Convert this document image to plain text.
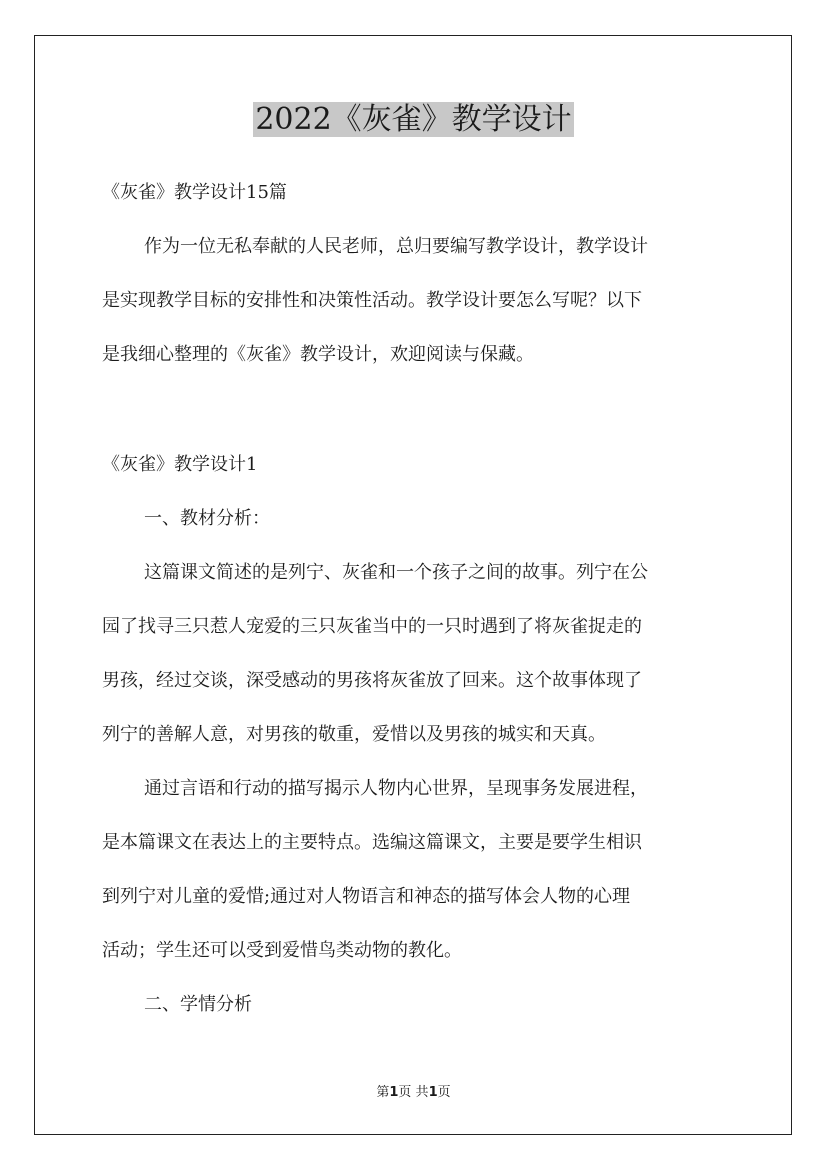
2022《灰雀》教学设计

《灰雀》教学设计15篇

作为一位无私奉献的人民老师，总归要编写教学设计，教学设计

是实现教学目标的安排性和决策性活动。教学设计要怎么写呢？以下

是我细心整理的《灰雀》教学设计，欢迎阅读与保藏。

《灰雀》教学设计1

一、教材分析：

这篇课文简述的是列宁、灰雀和一个孩子之间的故事。列宁在公

园了找寻三只惹人宠爱的三只灰雀当中的一只时遇到了将灰雀捉走的

男孩，经过交谈，深受感动的男孩将灰雀放了回来。这个故事体现了

列宁的善解人意，对男孩的敬重，爱惜以及男孩的城实和天真。

通过言语和行动的描写揭示人物内心世界，呈现事务发展进程，

是本篇课文在表达上的主要特点。选编这篇课文，主要是要学生相识

到列宁对儿童的爱惜;通过对人物语言和神态的描写体会人物的心理

活动；学生还可以受到爱惜鸟类动物的教化。

二、学情分析

第1页 共1页
